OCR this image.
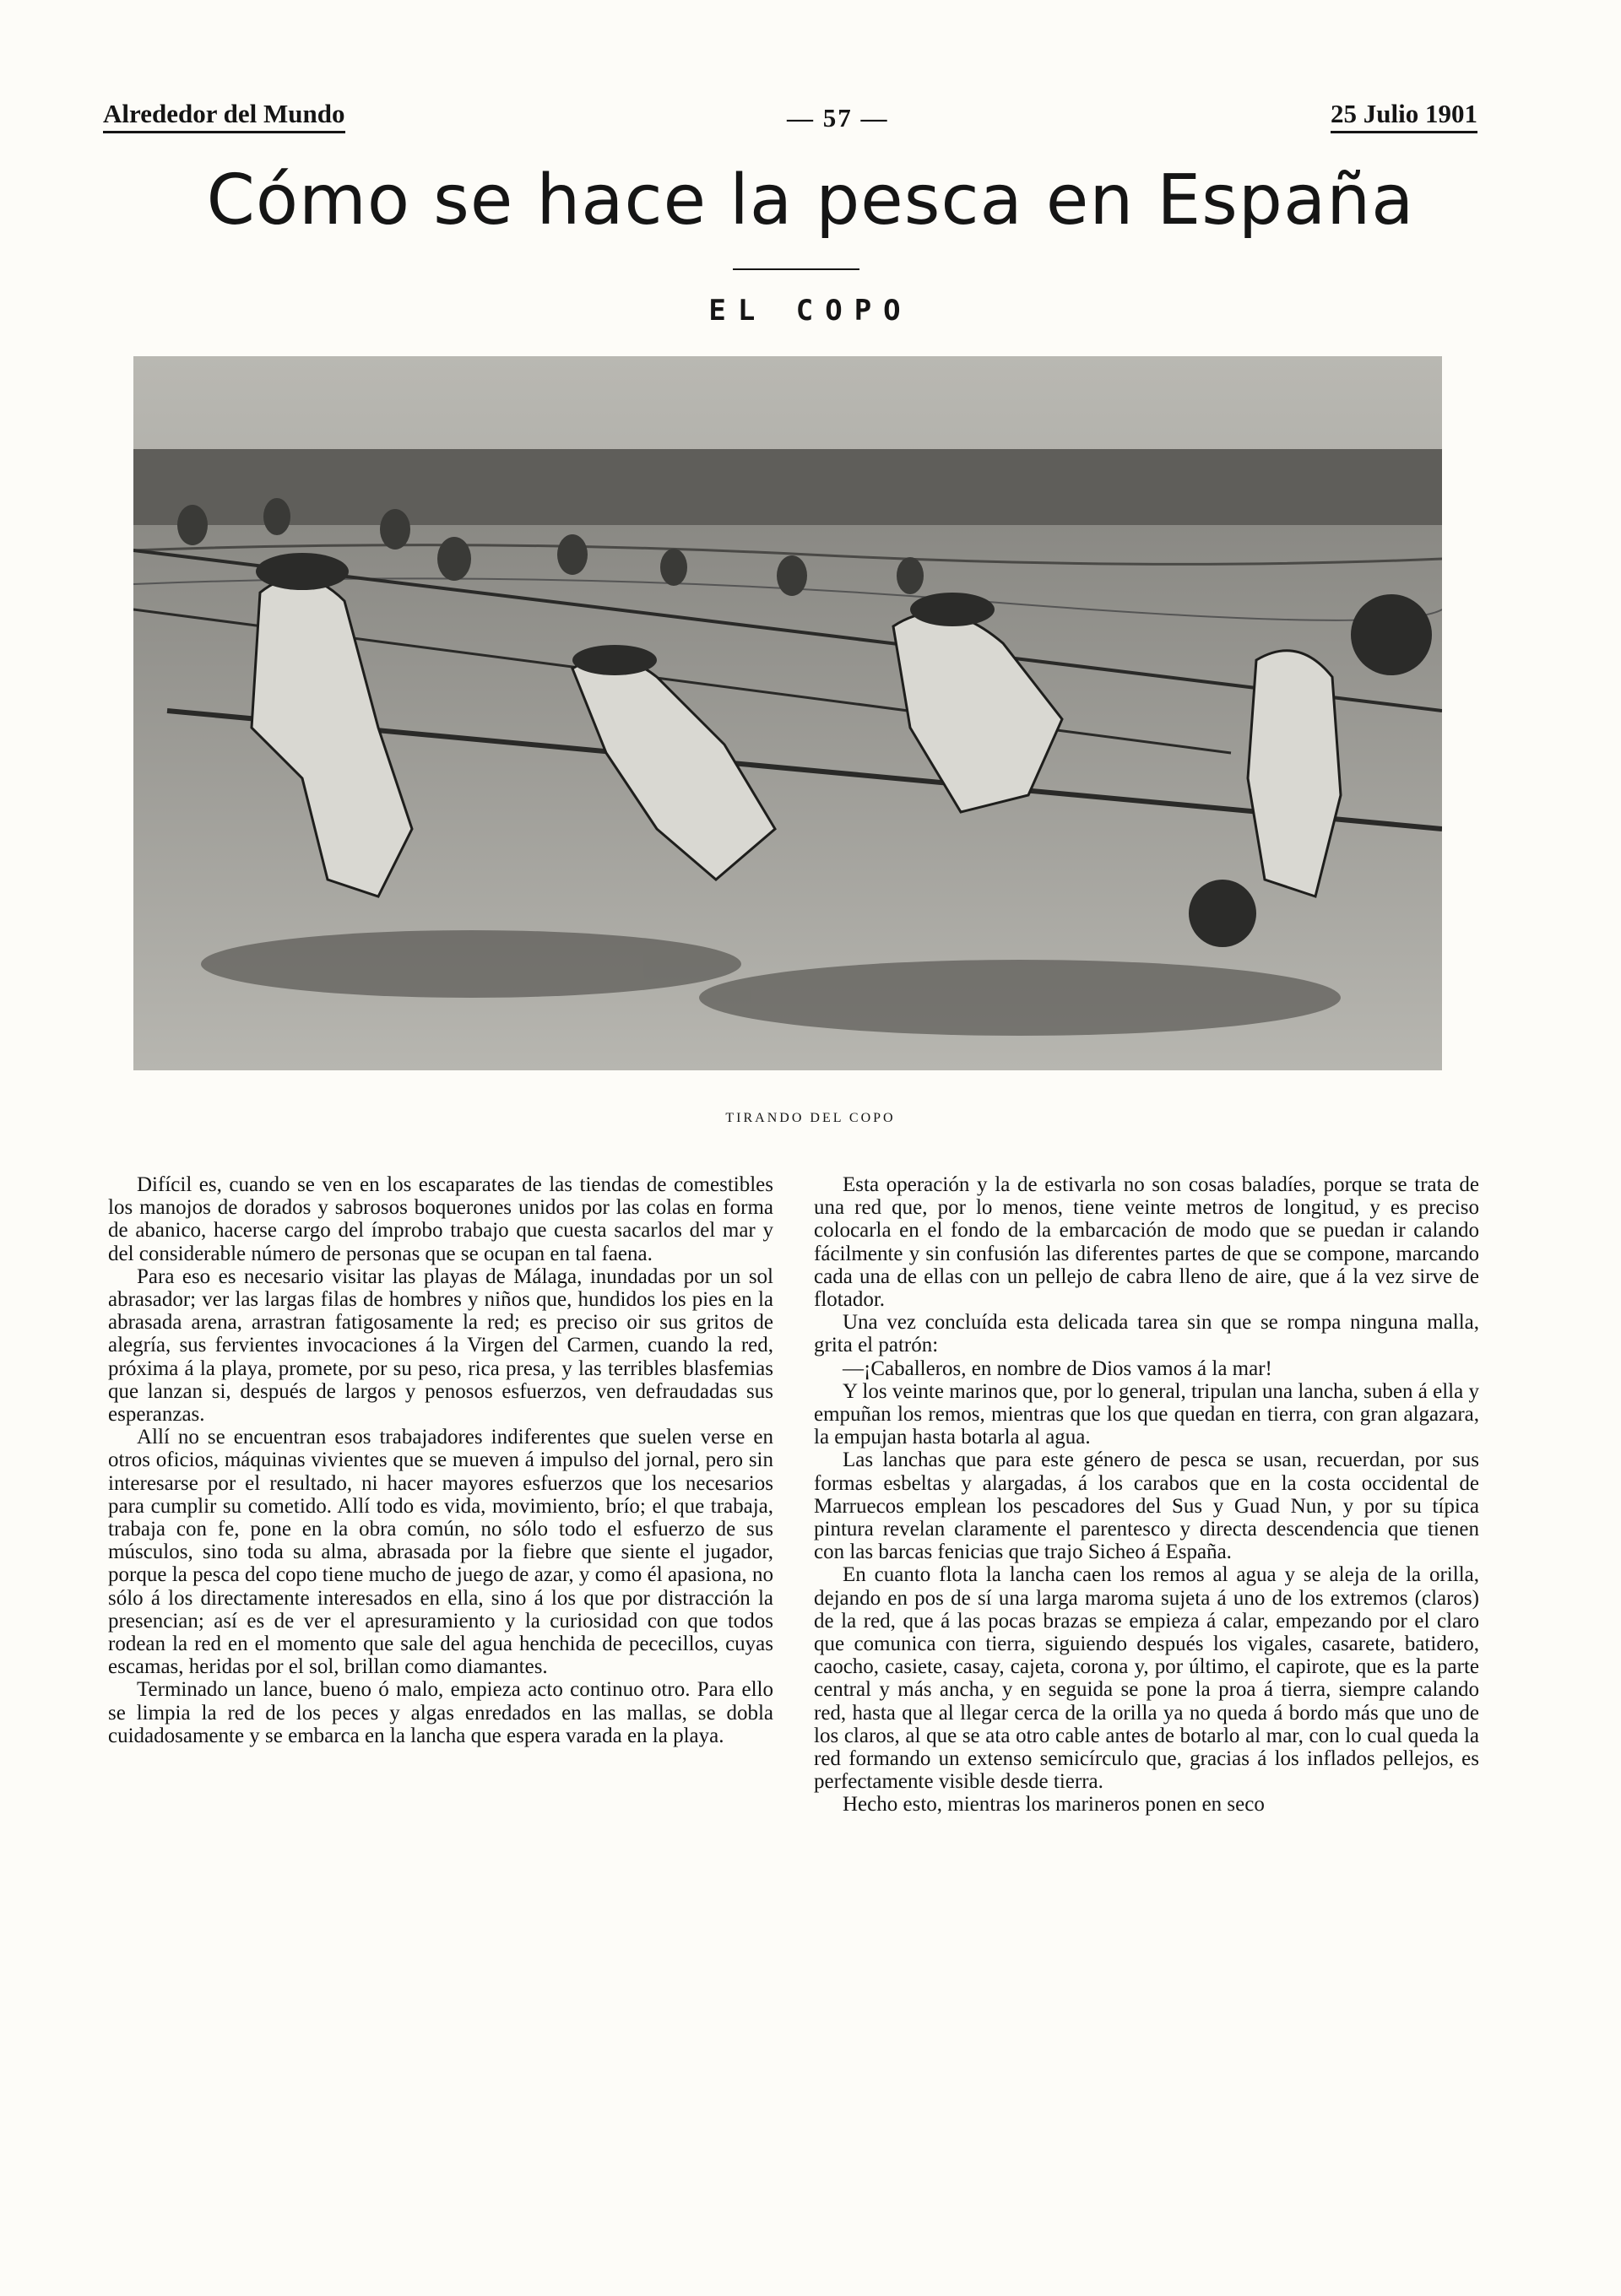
Alrededor del Mundo	— 57 —	25 Julio 1901
Cómo se hace la pesca en España
EL COPO
TIRANDO DEL COPO

Difícil es, cuando se ven en los escaparates de las tiendas de comestibles los manojos de dorados y sabrosos boquerones unidos por las colas en forma de abanico, hacerse cargo del ímprobo trabajo que cuesta sacarlos del mar y del considerable número de personas que se ocupan en tal faena.

Para eso es necesario visitar las playas de Málaga, inundadas por un sol abrasador; ver las largas filas de hombres y niños que, hundidos los pies en la abrasada arena, arrastran fatigosamente la red; es preciso oir sus gritos de alegría, sus fervientes invocaciones á la Virgen del Carmen, cuando la red, próxima á la playa, promete, por su peso, rica presa, y las terribles blasfemias que lanzan si, después de largos y penosos esfuerzos, ven defraudadas sus esperanzas.

Allí no se encuentran esos trabajadores indiferentes que suelen verse en otros oficios, máquinas vivientes que se mueven á impulso del jornal, pero sin interesarse por el resultado, ni hacer mayores esfuerzos que los necesarios para cumplir su cometido. Allí todo es vida, movimiento, brío; el que trabaja, trabaja con fe, pone en la obra común, no sólo todo el esfuerzo de sus músculos, sino toda su alma, abrasada por la fiebre que siente el jugador, porque la pesca del copo tiene mucho de juego de azar, y como él apasiona, no sólo á los directamente interesados en ella, sino á los que por distracción la presencian; así es de ver el apresuramiento y la curiosidad con que todos rodean la red en el momento que sale del agua henchida de pececillos, cuyas escamas, heridas por el sol, brillan como diamantes.

Terminado un lance, bueno ó malo, empieza acto continuo otro. Para ello se limpia la red de los peces y algas enredados en las mallas, se dobla cuidadosamente y se embarca en la lancha que espera varada en la playa.

Esta operación y la de estivarla no son cosas baladíes, porque se trata de una red que, por lo menos, tiene veinte metros de longitud, y es preciso colocarla en el fondo de la embarcación de modo que se puedan ir calando fácilmente y sin confusión las diferentes partes de que se compone, marcando cada una de ellas con un pellejo de cabra lleno de aire, que á la vez sirve de flotador.

Una vez concluída esta delicada tarea sin que se rompa ninguna malla, grita el patrón:

—¡Caballeros, en nombre de Dios vamos á la mar!

Y los veinte marinos que, por lo general, tripulan una lancha, suben á ella y empuñan los remos, mientras que los que quedan en tierra, con gran algazara, la empujan hasta botarla al agua.

Las lanchas que para este género de pesca se usan, recuerdan, por sus formas esbeltas y alargadas, á los carabos que en la costa occidental de Marruecos emplean los pescadores del Sus y Guad Nun, y por su típica pintura revelan claramente el parentesco y directa descendencia que tienen con las barcas fenicias que trajo Sicheo á España.

En cuanto flota la lancha caen los remos al agua y se aleja de la orilla, dejando en pos de sí una larga maroma sujeta á uno de los extremos (claros) de la red, que á las pocas brazas se empieza á calar, empezando por el claro que comunica con tierra, siguiendo después los vigales, casarete, batidero, caocho, casiete, casay, cajeta, corona y, por último, el capirote, que es la parte central y más ancha, y en seguida se pone la proa á tierra, siempre calando red, hasta que al llegar cerca de la orilla ya no queda á bordo más que uno de los claros, al que se ata otro cable antes de botarlo al mar, con lo cual queda la red formando un extenso semicírculo que, gracias á los inflados pellejos, es perfectamente visible desde tierra.

Hecho esto, mientras los marineros ponen en seco
